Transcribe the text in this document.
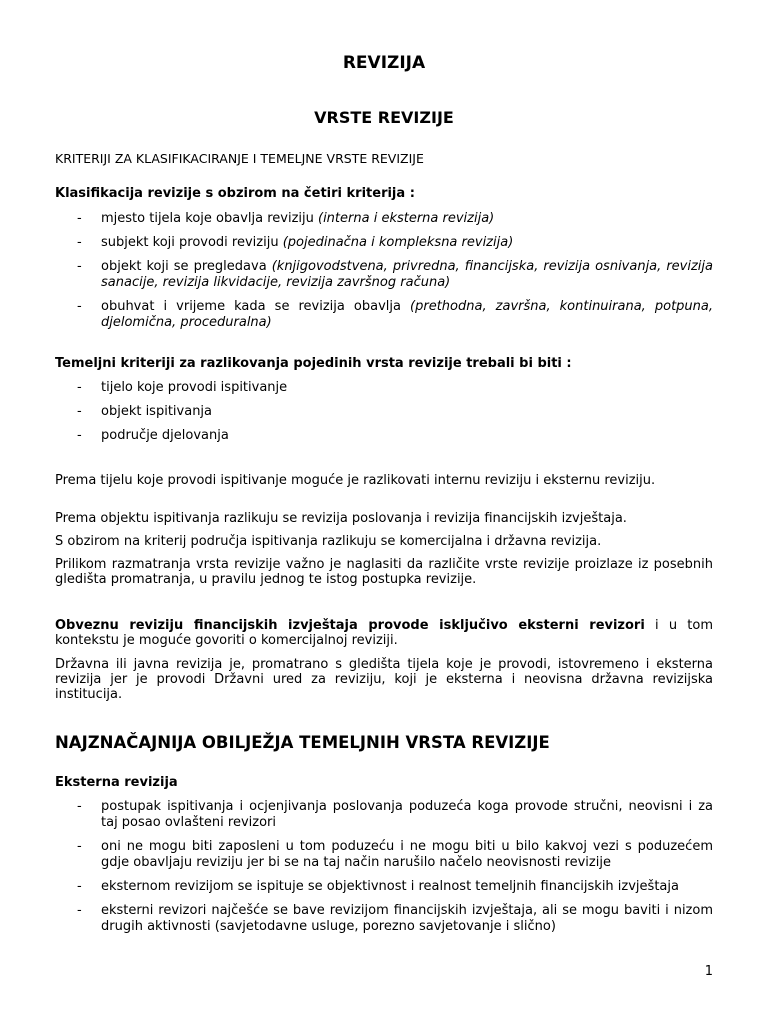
REVIZIJA
VRSTE REVIZIJE

KRITERIJI ZA KLASIFIKACIRANJE I TEMELJNE VRSTE REVIZIJE

Klasifikacija revizije s obzirom na četiri kriterija :

- mjesto tijela koje obavlja reviziju (interna i eksterna revizija)
- subjekt koji provodi reviziju (pojedinačna i kompleksna revizija)
- objekt koji se pregledava (knjigovodstvena, privredna, financijska, revizija osnivanja, revizija sanacije, revizija likvidacije, revizija završnog računa)
- obuhvat i vrijeme kada se revizija obavlja (prethodna, završna, kontinuirana, potpuna, djelomična, proceduralna)

Temeljni kriteriji za razlikovanja pojedinih vrsta revizije trebali bi biti :

- tijelo koje provodi ispitivanje
- objekt ispitivanja
- područje djelovanja

Prema tijelu koje provodi ispitivanje moguće je razlikovati internu reviziju i eksternu reviziju.

Prema objektu ispitivanja razlikuju se revizija poslovanja i revizija financijskih izvještaja.

S obzirom na kriterij područja ispitivanja razlikuju se komercijalna i državna revizija.

Prilikom razmatranja vrsta revizije važno je naglasiti da različite vrste revizije proizlaze iz posebnih gledišta promatranja, u pravilu jednog te istog postupka revizije.

Obveznu reviziju financijskih izvještaja provode isključivo eksterni revizori i u tom kontekstu je moguće govoriti o komercijalnoj reviziji.

Državna ili javna revizija je, promatrano s gledišta tijela koje je provodi, istovremeno i eksterna revizija jer je provodi Državni ured za reviziju, koji je eksterna i neovisna državna revizijska institucija.

NAJZNAČAJNIJA OBILJEŽJA TEMELJNIH VRSTA REVIZIJE

Eksterna revizija

- postupak ispitivanja i ocjenjivanja poslovanja poduzeća koga provode stručni, neovisni i za taj posao ovlašteni revizori
- oni ne mogu biti zaposleni u tom poduzeću i ne mogu biti u bilo kakvoj vezi s poduzećem gdje obavljaju reviziju jer bi se na taj način narušilo načelo neovisnosti revizije
- eksternom revizijom se ispituje se objektivnost i realnost temeljnih financijskih izvještaja
- eksterni revizori najčešće se bave revizijom financijskih izvještaja, ali se mogu baviti i nizom drugih aktivnosti (savjetodavne usluge, porezno savjetovanje i slično)
1
